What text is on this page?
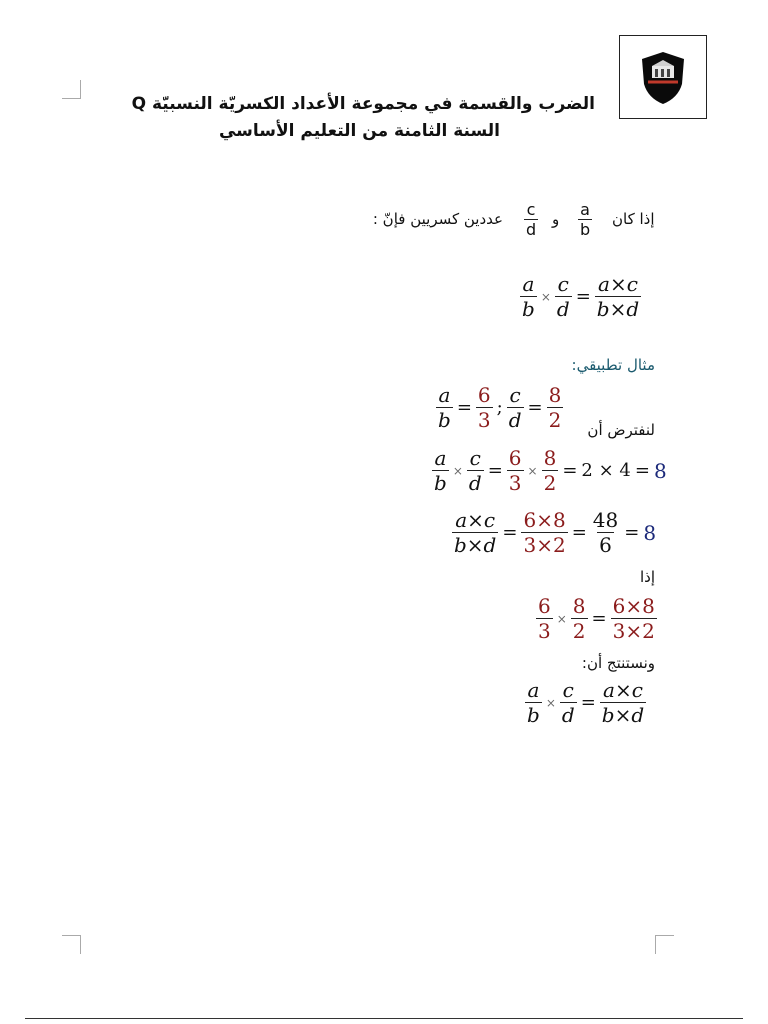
الضرب والقسمة في مجموعة الأعداد الكسريّة النسبيّة Q
السنة الثامنة من التعليم الأساسي
إذا كان
$\frac{a}{b}$
و
$\frac{c}{d}$
عددين كسريين فإنّ :
$\frac{a}{b} \times \frac{c}{d} = \frac{a\times c}{b\times d}$
مثال تطبيقي:
$\frac{a}{b} = \frac{6}{3}$ ; $\frac{c}{d} = \frac{8}{2}$	لنفترض أن
$\frac{a}{b} \times \frac{c}{d} = \frac{6}{3} \times \frac{8}{2} = 2 \times 4 = 8$
$\frac{a\times c}{b\times d} = \frac{6\times 8}{3\times 2} = \frac{48}{6} = 8$
إذا
$\frac{6}{3} \times \frac{8}{2} = \frac{6\times 8}{3\times 2}$
ونستنتج أن:
$\frac{a}{b} \times \frac{c}{d} = \frac{a\times c}{b\times d}$
